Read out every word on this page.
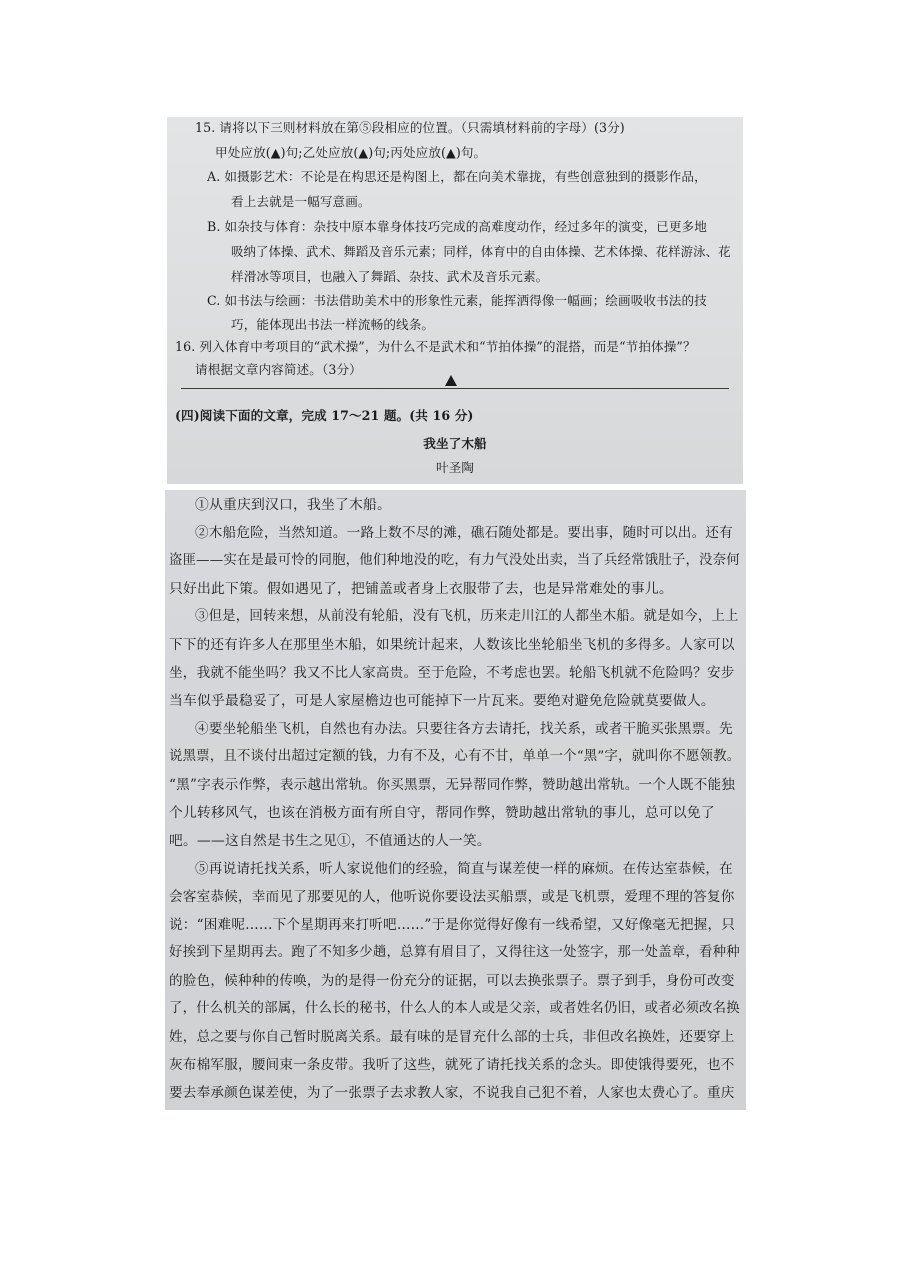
15. 请将以下三则材料放在第⑤段相应的位置。（只需填材料前的字母）(3分)

甲处应放(▲)句;乙处应放(▲)句;丙处应放(▲)句。

A. 如摄影艺术：不论是在构思还是构图上，都在向美术靠拢，有些创意独到的摄影作品，

看上去就是一幅写意画。

B. 如杂技与体育：杂技中原本靠身体技巧完成的高难度动作，经过多年的演变，已更多地

吸纳了体操、武术、舞蹈及音乐元素；同样，体育中的自由体操、艺术体操、花样游泳、花

样滑冰等项目，也融入了舞蹈、杂技、武术及音乐元素。

C. 如书法与绘画：书法借助美术中的形象性元素，能挥洒得像一幅画；绘画吸收书法的技

巧，能体现出书法一样流畅的线条。

16. 列入体育中考项目的“武术操”，为什么不是武术和“节拍体操”的混搭，而是“节拍体操”？

请根据文章内容简述。（3分）

(四)阅读下面的文章，完成 17～21 题。(共 16 分)

我坐了木船

叶圣陶

①从重庆到汉口，我坐了木船。

②木船危险，当然知道。一路上数不尽的滩，礁石随处都是。要出事，随时可以出。还有

盗匪——实在是最可怜的同胞，他们种地没的吃，有力气没处出卖，当了兵经常饿肚子，没奈何

只好出此下策。假如遇见了，把铺盖或者身上衣服带了去，也是异常难处的事儿。

③但是，回转来想，从前没有轮船，没有飞机，历来走川江的人都坐木船。就是如今，上上

下下的还有许多人在那里坐木船，如果统计起来，人数该比坐轮船坐飞机的多得多。人家可以

坐，我就不能坐吗？我又不比人家高贵。至于危险，不考虑也罢。轮船飞机就不危险吗？安步

当车似乎最稳妥了，可是人家屋檐边也可能掉下一片瓦来。要绝对避免危险就莫要做人。

④要坐轮船坐飞机，自然也有办法。只要往各方去请托，找关系，或者干脆买张黑票。先

说黑票，且不谈付出超过定额的钱，力有不及，心有不甘，单单一个“黑”字，就叫你不愿领教。

“黑”字表示作弊，表示越出常轨。你买黑票，无异帮同作弊，赞助越出常轨。一个人既不能独

个儿转移风气，也该在消极方面有所自守，帮同作弊，赞助越出常轨的事儿，总可以免了

吧。——这自然是书生之见①，不值通达的人一笑。

⑤再说请托找关系，听人家说他们的经验，简直与谋差使一样的麻烦。在传达室恭候，在

会客室恭候，幸而见了那要见的人，他听说你要设法买船票，或是飞机票，爱理不理的答复你

说：“困难呢……下个星期再来打听吧……”于是你觉得好像有一线希望，又好像毫无把握，只

好挨到下星期再去。跑了不知多少趟，总算有眉目了，又得往这一处签字，那一处盖章，看种种

的脸色，候种种的传唤，为的是得一份充分的证据，可以去换张票子。票子到手，身份可改变

了，什么机关的部属，什么长的秘书，什么人的本人或是父亲，或者姓名仍旧，或者必须改名换

姓，总之要与你自己暂时脱离关系。最有味的是冒充什么部的士兵，非但改名换姓，还要穿上

灰布棉军服，腰间束一条皮带。我听了这些，就死了请托找关系的念头。即使饿得要死，也不

要去奉承颜色谋差使，为了一张票子去求教人家，不说我自己犯不着，人家也太费心了。重庆
